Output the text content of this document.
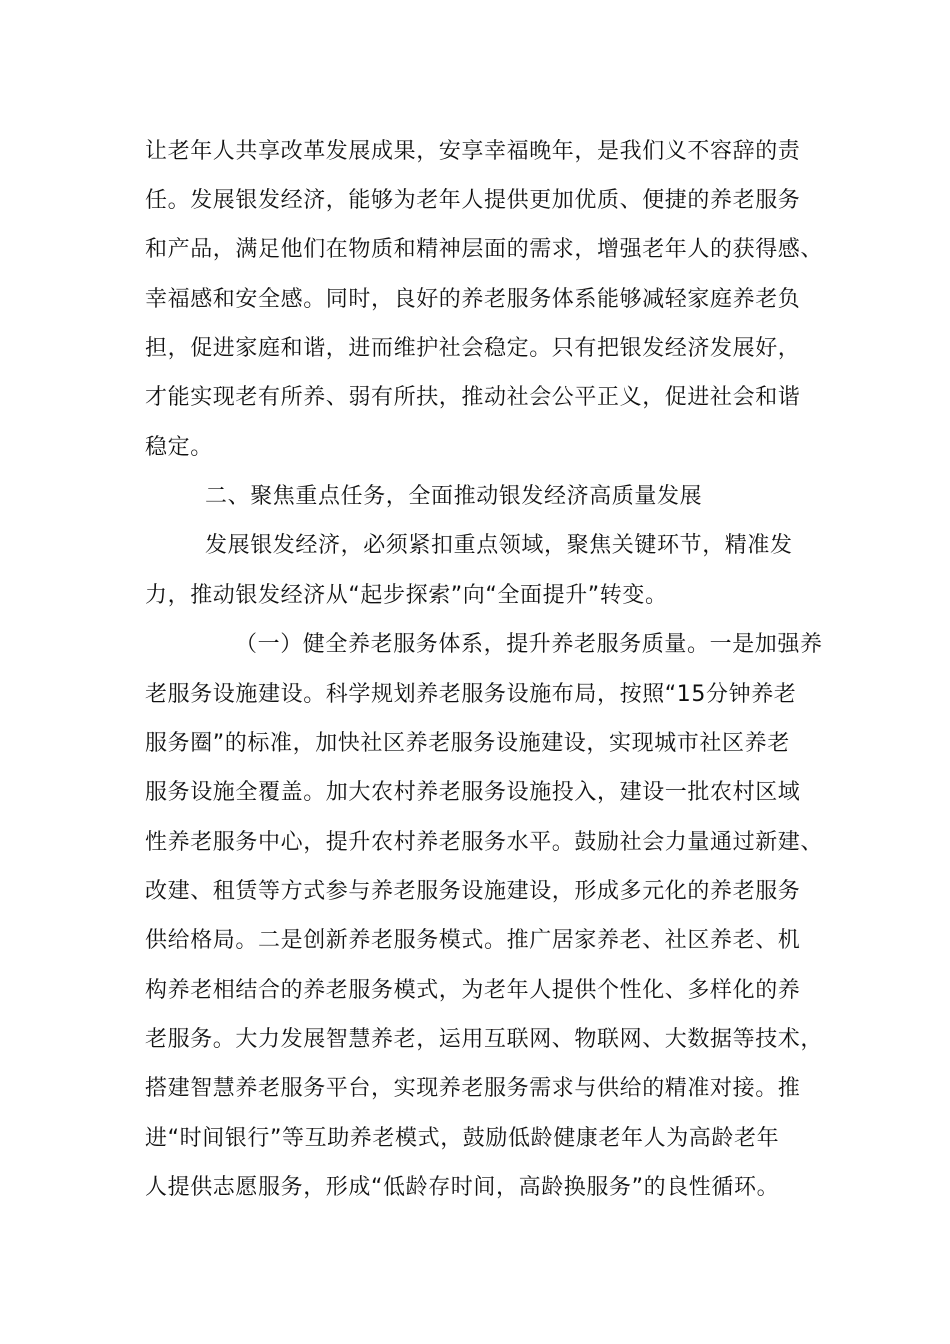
让老年人共享改革发展成果，安享幸福晚年，是我们义不容辞的责
任。发展银发经济，能够为老年人提供更加优质、便捷的养老服务
和产品，满足他们在物质和精神层面的需求，增强老年人的获得感、
幸福感和安全感。同时，良好的养老服务体系能够减轻家庭养老负
担，促进家庭和谐，进而维护社会稳定。只有把银发经济发展好，
才能实现老有所养、弱有所扶，推动社会公平正义，促进社会和谐
稳定。
二、聚焦重点任务，全面推动银发经济高质量发展
发展银发经济，必须紧扣重点领域，聚焦关键环节，精准发
力，推动银发经济从“起步探索”向“全面提升”转变。
（一）健全养老服务体系，提升养老服务质量。一是加强养
老服务设施建设。科学规划养老服务设施布局，按照“15分钟养老
服务圈”的标准，加快社区养老服务设施建设，实现城市社区养老
服务设施全覆盖。加大农村养老服务设施投入，建设一批农村区域
性养老服务中心，提升农村养老服务水平。鼓励社会力量通过新建、
改建、租赁等方式参与养老服务设施建设，形成多元化的养老服务
供给格局。二是创新养老服务模式。推广居家养老、社区养老、机
构养老相结合的养老服务模式，为老年人提供个性化、多样化的养
老服务。大力发展智慧养老，运用互联网、物联网、大数据等技术，
搭建智慧养老服务平台，实现养老服务需求与供给的精准对接。推
进“时间银行”等互助养老模式，鼓励低龄健康老年人为高龄老年
人提供志愿服务，形成“低龄存时间，高龄换服务”的良性循环。
